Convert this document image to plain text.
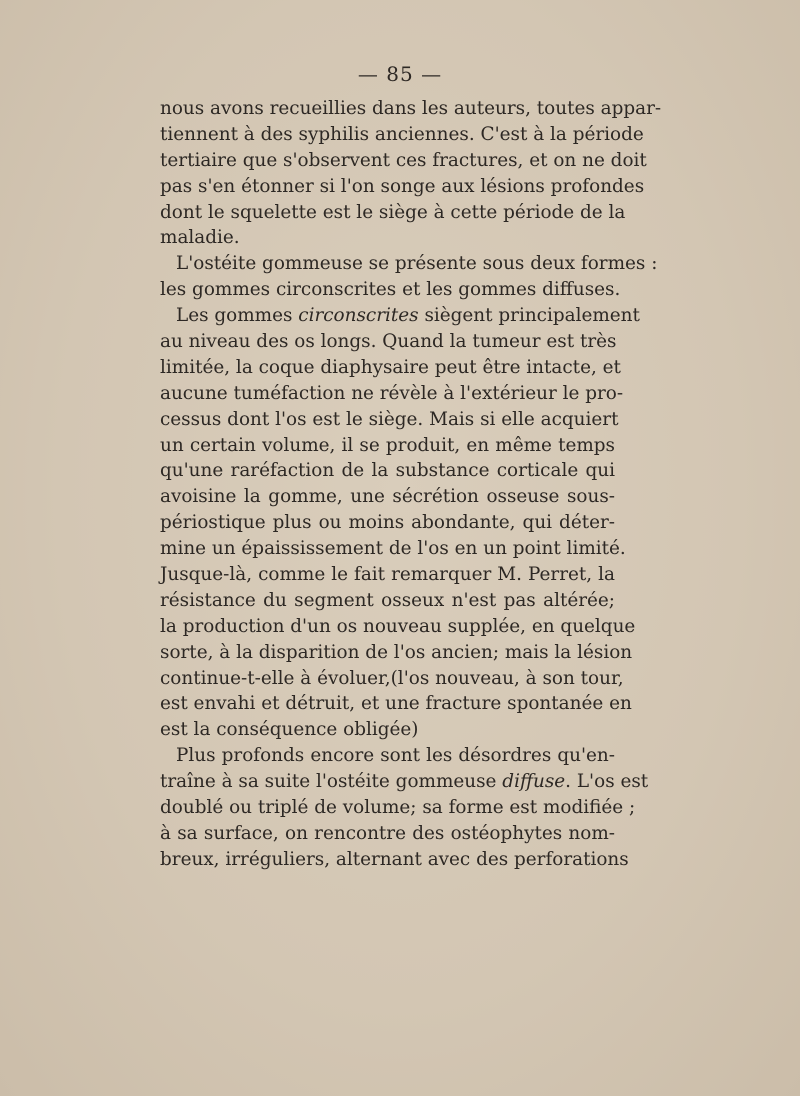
— 85 —
nous avons recueillies dans les auteurs, toutes appar-
tiennent à des syphilis anciennes. C'est à la période
tertiaire que s'observent ces fractures, et on ne doit
pas s'en étonner si l'on songe aux lésions profondes
dont le squelette est le siège à cette période de la
maladie.
L'ostéite gommeuse se présente sous deux formes :
les gommes circonscrites et les gommes diffuses.
Les gommes circonscrites siègent principalement
au niveau des os longs. Quand la tumeur est très
limitée, la coque diaphysaire peut être intacte, et
aucune tuméfaction ne révèle à l'extérieur le pro-
cessus dont l'os est le siège. Mais si elle acquiert
un certain volume, il se produit, en même temps
qu'une raréfaction de la substance corticale qui
avoisine la gomme, une sécrétion osseuse sous-
périostique plus ou moins abondante, qui déter-
mine un épaississement de l'os en un point limité.
Jusque-là, comme le fait remarquer M. Perret, la
résistance du segment osseux n'est pas altérée;
la production d'un os nouveau supplée, en quelque
sorte, à la disparition de l'os ancien; mais la lésion
continue-t-elle à évoluer,(l'os nouveau, à son tour,
est envahi et détruit, et une fracture spontanée en
est la conséquence obligée)
Plus profonds encore sont les désordres qu'en-
traîne à sa suite l'ostéite gommeuse diffuse. L'os est
doublé ou triplé de volume; sa forme est modifiée ;
à sa surface, on rencontre des ostéophytes nom-
breux, irréguliers, alternant avec des perforations
